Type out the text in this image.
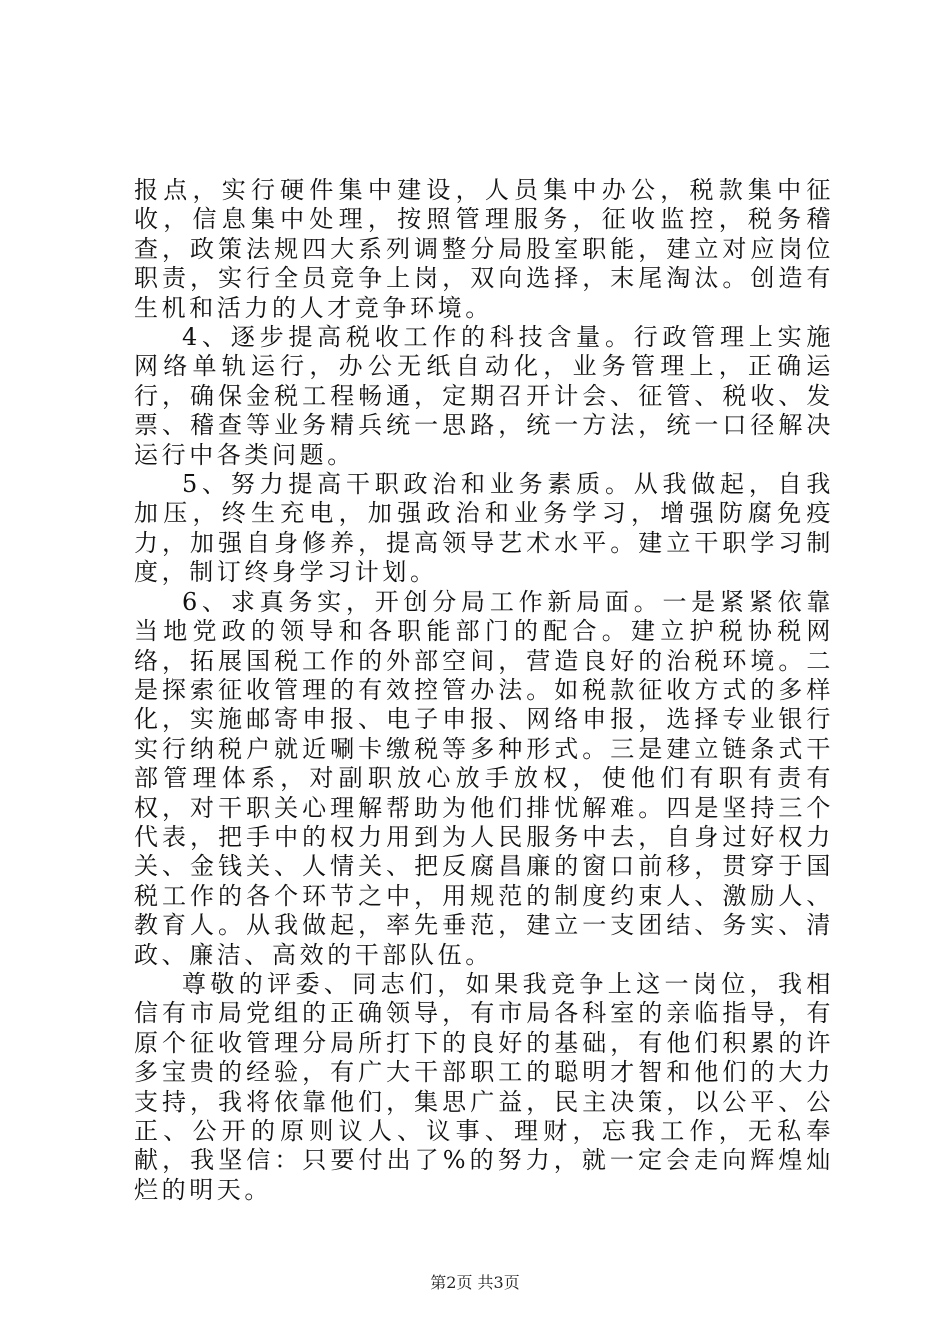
报点，实行硬件集中建设，人员集中办公，税款集中征收，信息集中处理，按照管理服务，征收监控，税务稽查，政策法规四大系列调整分局股室职能，建立对应岗位职责，实行全员竞争上岗，双向选择，末尾淘汰。创造有生机和活力的人才竞争环境。

4、逐步提高税收工作的科技含量。行政管理上实施网络单轨运行，办公无纸自动化，业务管理上，正确运行，确保金税工程畅通，定期召开计会、征管、税收、发票、稽查等业务精兵统一思路，统一方法，统一口径解决运行中各类问题。

5、努力提高干职政治和业务素质。从我做起，自我加压，终生充电，加强政治和业务学习，增强防腐免疫力，加强自身修养，提高领导艺术水平。建立干职学习制度，制订终身学习计划。

6、求真务实，开创分局工作新局面。一是紧紧依靠当地党政的领导和各职能部门的配合。建立护税协税网络，拓展国税工作的外部空间，营造良好的治税环境。二是探索征收管理的有效控管办法。如税款征收方式的多样化，实施邮寄申报、电子申报、网络申报，选择专业银行实行纳税户就近唰卡缴税等多种形式。三是建立链条式干部管理体系，对副职放心放手放权，使他们有职有责有权，对干职关心理解帮助为他们排忧解难。四是坚持三个代表，把手中的权力用到为人民服务中去，自身过好权力关、金钱关、人情关、把反腐昌廉的窗口前移，贯穿于国税工作的各个环节之中，用规范的制度约束人、激励人、教育人。从我做起，率先垂范，建立一支团结、务实、清政、廉洁、高效的干部队伍。

尊敬的评委、同志们，如果我竞争上这一岗位，我相信有市局党组的正确领导，有市局各科室的亲临指导，有原个征收管理分局所打下的良好的基础，有他们积累的许多宝贵的经验，有广大干部职工的聪明才智和他们的大力支持，我将依靠他们，集思广益，民主决策，以公平、公正、公开的原则议人、议事、理财，忘我工作，无私奉献，我坚信：只要付出了%的努力，就一定会走向辉煌灿烂的明天。

第2页 共3页
